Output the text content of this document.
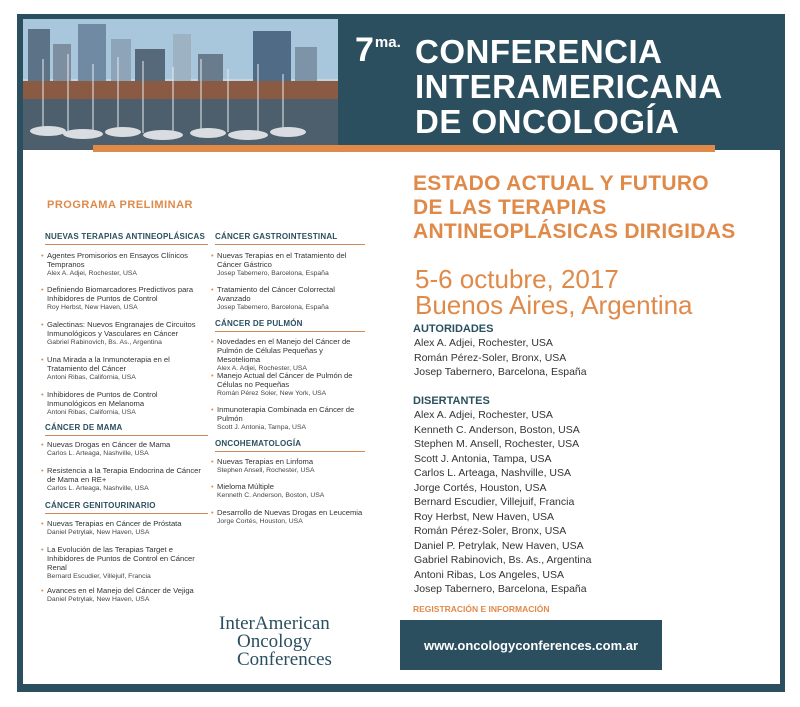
$7^{ma.}$ CONFERENCIA
INTERAMERICANA
DE ONCOLOGÍA
ESTADO ACTUAL Y FUTURO
DE LAS TERAPIAS
ANTINEOPLÁSICAS DIRIGIDAS
5-6 octubre, 2017
Buenos Aires, Argentina
AUTORIDADES
Alex A. Adjei, Rochester, USA
Román Pérez-Soler, Bronx, USA
Josep Tabernero, Barcelona, España
DISERTANTES
Alex A. Adjei, Rochester, USA
Kenneth C. Anderson, Boston, USA
Stephen M. Ansell, Rochester, USA
Scott J. Antonia, Tampa, USA
Carlos L. Arteaga, Nashville, USA
Jorge Cortés, Houston, USA
Bernard Escudier, Villejuif, Francia
Roy Herbst, New Haven, USA
Román Pérez-Soler, Bronx, USA
Daniel P. Petrylak, New Haven, USA
Gabriel Rabinovich, Bs. As., Argentina
Antoni Ribas, Los Angeles, USA
Josep Tabernero, Barcelona, España
PROGRAMA PRELIMINAR
NUEVAS TERAPIAS ANTINEOPLÁSICAS
• Agentes Promisorios en Ensayos Clínicos Tempranos
Alex A. Adjei, Rochester, USA
• Definiendo Biomarcadores Predictivos para Inhibidores de Puntos de Control
Roy Herbst, New Haven, USA
• Galectinas: Nuevos Engranajes de Circuitos Inmunológicos y Vasculares en Cáncer
Gabriel Rabinovich, Bs. As., Argentina
• Una Mirada a la Inmunoterapia en el Tratamiento del Cáncer
Antoni Ribas, California, USA
• Inhibidores de Puntos de Control Inmunológicos en Melanoma
Antoni Ribas, California, USA
CÁNCER DE MAMA
• Nuevas Drogas en Cáncer de Mama
Carlos L. Arteaga, Nashville, USA
• Resistencia a la Terapia Endocrina de Cáncer de Mama en RE+
Carlos L. Arteaga, Nashville, USA
CÁNCER GENITOURINARIO
• Nuevas Terapias en Cáncer de Próstata
Daniel Petrylak, New Haven, USA
• La Evolución de las Terapias Target e Inhibidores de Puntos de Control en Cáncer Renal
Bernard Escudier, Villejuif, Francia
• Avances en el Manejo del Cáncer de Vejiga
Daniel Petrylak, New Haven, USA
CÁNCER GASTROINTESTINAL
• Nuevas Terapias en el Tratamiento del Cáncer Gástrico
Josep Tabernero, Barcelona, España
• Tratamiento del Cáncer Colorrectal Avanzado
Josep Tabernero, Barcelona, España
CÁNCER DE PULMÓN
• Novedades en el Manejo del Cáncer de Pulmón de Células Pequeñas y Mesotelioma
Alex A. Adjei, Rochester, USA
• Manejo Actual del Cáncer de Pulmón de Células no Pequeñas
Román Pérez Soler, New York, USA
• Inmunoterapia Combinada en Cáncer de Pulmón
Scott J. Antonia, Tampa, USA
ONCOHEMATOLOGÍA
• Nuevas Terapias en Linfoma
Stephen Ansell, Rochester, USA
• Mieloma Múltiple
Kenneth C. Anderson, Boston, USA
• Desarrollo de Nuevas Drogas en Leucemia
Jorge Cortés, Houston, USA
InterAmerican
Oncology
Conferences
REGISTRACIÓN E INFORMACIÓN
www.oncologyconferences.com.ar
